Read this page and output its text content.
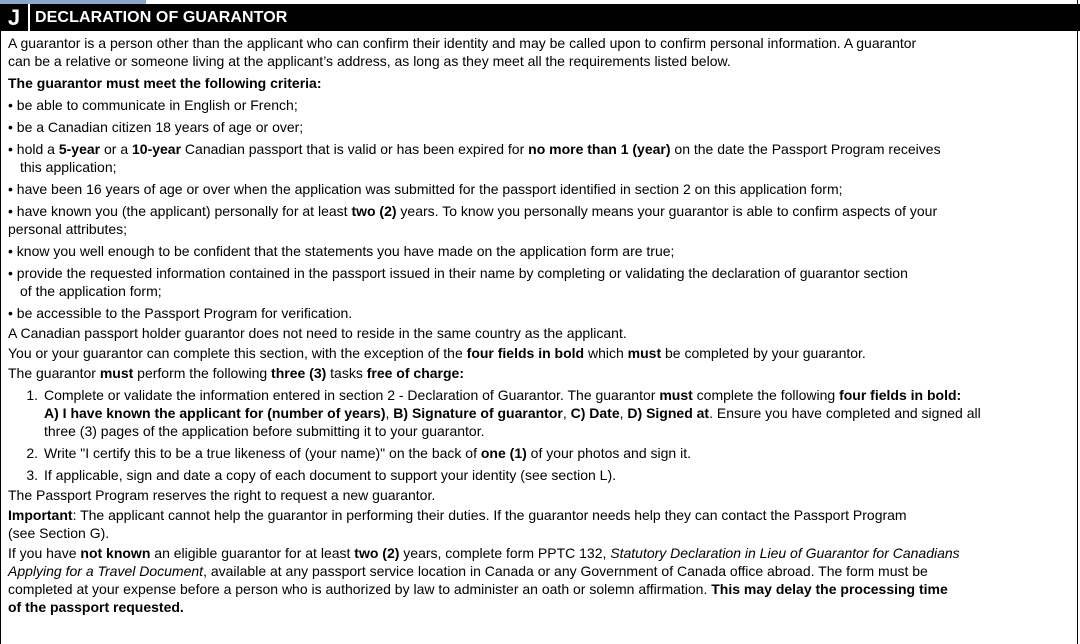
J DECLARATION OF GUARANTOR

A guarantor is a person other than the applicant who can confirm their identity and may be called upon to confirm personal information. A guarantor
can be a relative or someone living at the applicant’s address, as long as they meet all the requirements listed below.

The guarantor must meet the following criteria:

• be able to communicate in English or French;

• be a Canadian citizen 18 years of age or over;

• hold a 5-year or a 10-year Canadian passport that is valid or has been expired for no more than 1 (year) on the date the Passport Program receives
this application;

• have been 16 years of age or over when the application was submitted for the passport identified in section 2 on this application form;

• have known you (the applicant) personally for at least two (2) years. To know you personally means your guarantor is able to confirm aspects of your
personal attributes;

• know you well enough to be confident that the statements you have made on the application form are true;

• provide the requested information contained in the passport issued in their name by completing or validating the declaration of guarantor section
of the application form;

• be accessible to the Passport Program for verification.

A Canadian passport holder guarantor does not need to reside in the same country as the applicant.

You or your guarantor can complete this section, with the exception of the four fields in bold which must be completed by your guarantor.

The guarantor must perform the following three (3) tasks free of charge:

1. Complete or validate the information entered in section 2 - Declaration of Guarantor. The guarantor must complete the following four fields in bold:
A) I have known the applicant for (number of years), B) Signature of guarantor, C) Date, D) Signed at. Ensure you have completed and signed all
three (3) pages of the application before submitting it to your guarantor.
2. Write "I certify this to be a true likeness of (your name)" on the back of one (1) of your photos and sign it.
3. If applicable, sign and date a copy of each document to support your identity (see section L).

The Passport Program reserves the right to request a new guarantor.

Important: The applicant cannot help the guarantor in performing their duties. If the guarantor needs help they can contact the Passport Program
(see Section G).

If you have not known an eligible guarantor for at least two (2) years, complete form PPTC 132, Statutory Declaration in Lieu of Guarantor for Canadians
Applying for a Travel Document, available at any passport service location in Canada or any Government of Canada office abroad. The form must be
completed at your expense before a person who is authorized by law to administer an oath or solemn affirmation. This may delay the processing time
of the passport requested.
